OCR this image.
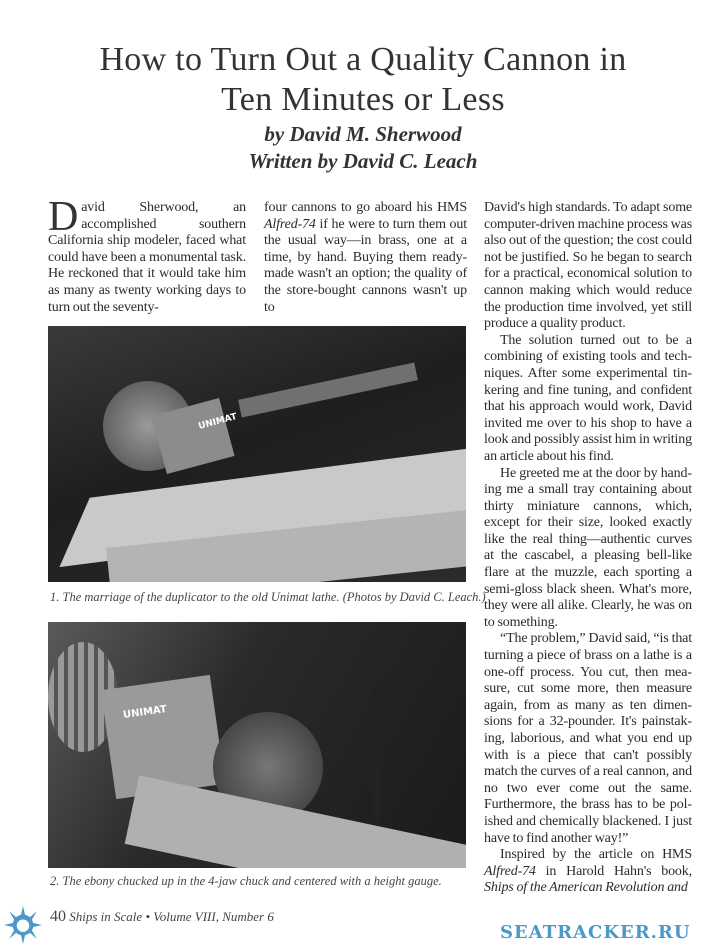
How to Turn Out a Quality Cannon in
Ten Minutes or Less
by David M. Sherwood
Written by David C. Leach

David Sherwood, an accomplished southern California ship modeler, faced what could have been a monumental task. He reckoned that it would take him as many as twenty working days to turn out the seventy-

four cannons to go aboard his HMS Alfred-74 if he were to turn them out the usual way—in brass, one at a time, by hand. Buying them ready-made wasn't an option; the quality of the store-bought cannons wasn't up to

David's high standards. To adapt some computer-driven machine process was also out of the question; the cost could not be justified. So he began to search for a practical, economical solution to cannon making which would reduce the production time involved, yet still produce a quality product.

The solution turned out to be a combining of existing tools and techniques. After some experimental tinkering and fine tuning, and confident that his approach would work, David invited me over to his shop to have a look and possibly assist him in writing an article about his find.

He greeted me at the door by handing me a small tray containing about thirty miniature cannons, which, except for their size, looked exactly like the real thing—authentic curves at the cascabel, a pleasing bell-like flare at the muzzle, each sporting a semi-gloss black sheen. What's more, they were all alike. Clearly, he was on to something.

“The problem,” David said, “is that turning a piece of brass on a lathe is a one-off process. You cut, then measure, cut some more, then measure again, from as many as ten dimensions for a 32-pounder. It's painstaking, laborious, and what you end up with is a piece that can't possibly match the curves of a real cannon, and no two ever come out the same. Furthermore, the brass has to be polished and chemically blackened. I just have to find another way!”

Inspired by the article on HMS Alfred-74 in Harold Hahn's book, Ships of the American Revolution and

UNIMAT
1. The marriage of the duplicator to the old Unimat lathe. (Photos by David C. Leach.)
UNIMAT
2. The ebony chucked up in the 4-jaw chuck and centered with a height gauge.
40 Ships in Scale • Volume VIII, Number 6
SEATRACKER.RU
